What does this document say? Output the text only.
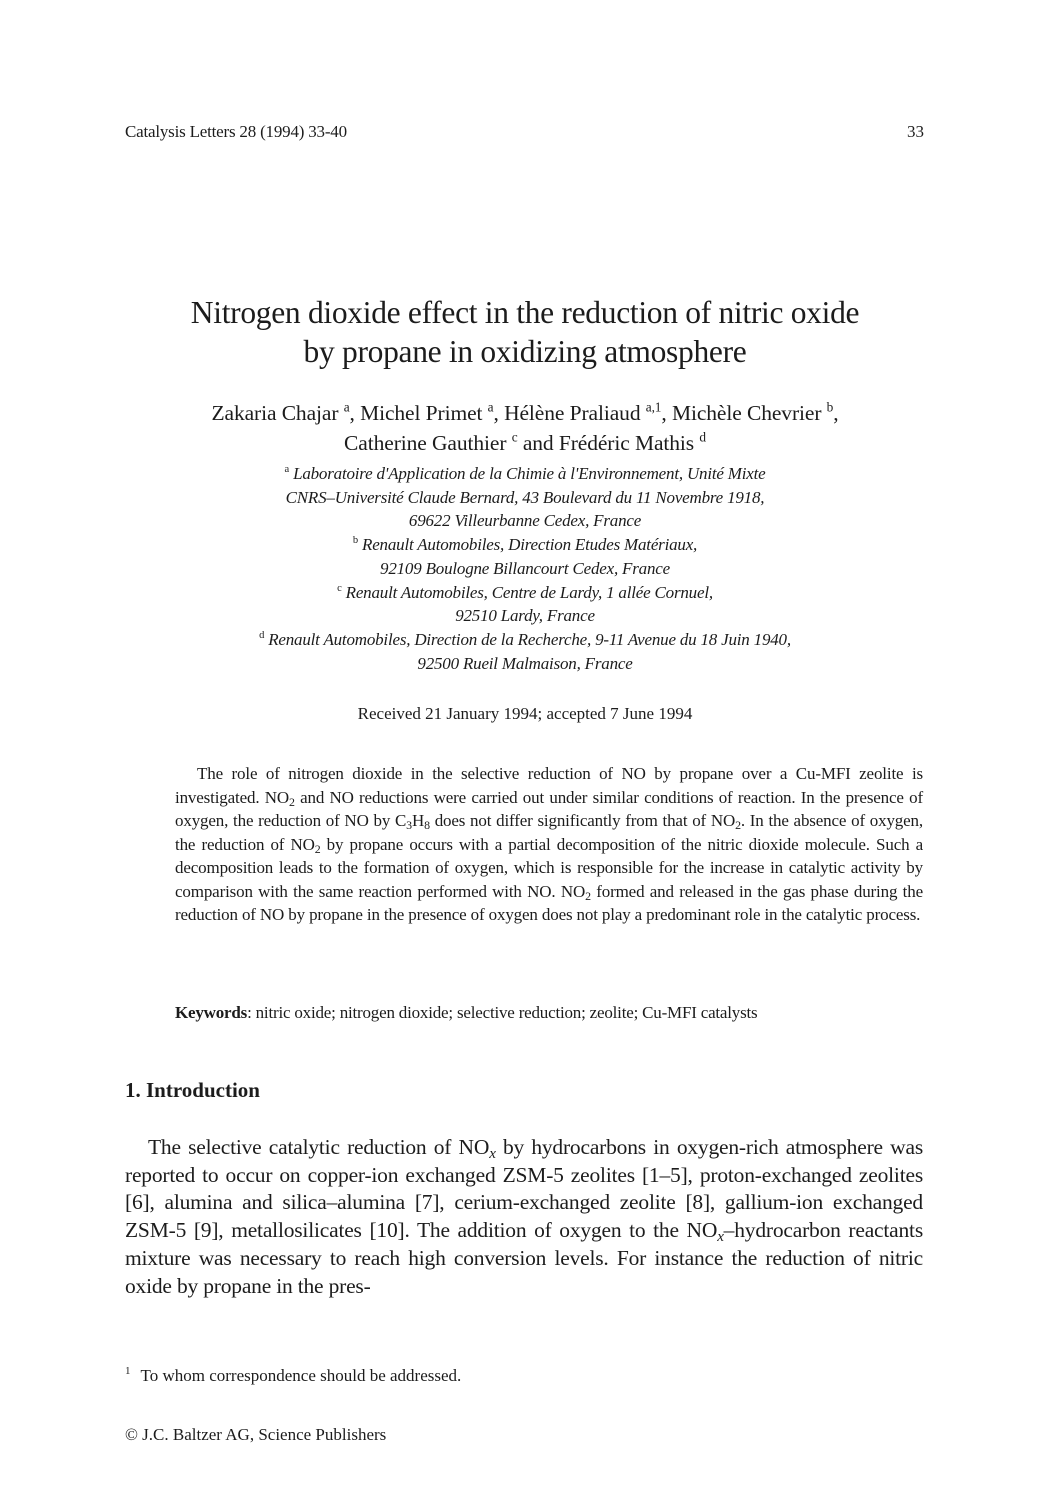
Catalysis Letters 28 (1994) 33-40	33
Nitrogen dioxide effect in the reduction of nitric oxide
by propane in oxidizing atmosphere
Zakaria Chajar $^a$, Michel Primet $^a$, Hélène Praliaud $^{a,1}$, Michèle Chevrier $^b$,
Catherine Gauthier $^c$ and Frédéric Mathis $^d$
$^a$ Laboratoire d'Application de la Chimie à l'Environnement, Unité Mixte
CNRS–Université Claude Bernard, 43 Boulevard du 11 Novembre 1918,
69622 Villeurbanne Cedex, France
$^b$ Renault Automobiles, Direction Etudes Matériaux,
92109 Boulogne Billancourt Cedex, France
$^c$ Renault Automobiles, Centre de Lardy, 1 allée Cornuel,
92510 Lardy, France
$^d$ Renault Automobiles, Direction de la Recherche, 9-11 Avenue du 18 Juin 1940,
92500 Rueil Malmaison, France
Received 21 January 1994; accepted 7 June 1994

The role of nitrogen dioxide in the selective reduction of NO by propane over a Cu-MFI zeolite is investigated. $NO_2$ and NO reductions were carried out under similar conditions of reaction. In the presence of oxygen, the reduction of NO by $C_3H_8$ does not differ significantly from that of $NO_2$. In the absence of oxygen, the reduction of $NO_2$ by propane occurs with a partial decomposition of the nitric dioxide molecule. Such a decomposition leads to the formation of oxygen, which is responsible for the increase in catalytic activity by comparison with the same reaction performed with NO. $NO_2$ formed and released in the gas phase during the reduction of NO by propane in the presence of oxygen does not play a predominant role in the catalytic process.

Keywords: nitric oxide; nitrogen dioxide; selective reduction; zeolite; Cu-MFI catalysts

1. Introduction

The selective catalytic reduction of $NO_x$ by hydrocarbons in oxygen-rich atmosphere was reported to occur on copper-ion exchanged ZSM-5 zeolites [1–5], proton-exchanged zeolites [6], alumina and silica–alumina [7], cerium-exchanged zeolite [8], gallium-ion exchanged ZSM-5 [9], metallosilicates [10]. The addition of oxygen to the $NO_x$–hydrocarbon reactants mixture was necessary to reach high conversion levels. For instance the reduction of nitric oxide by propane in the pres-

$^1$ To whom correspondence should be addressed.
© J.C. Baltzer AG, Science Publishers
